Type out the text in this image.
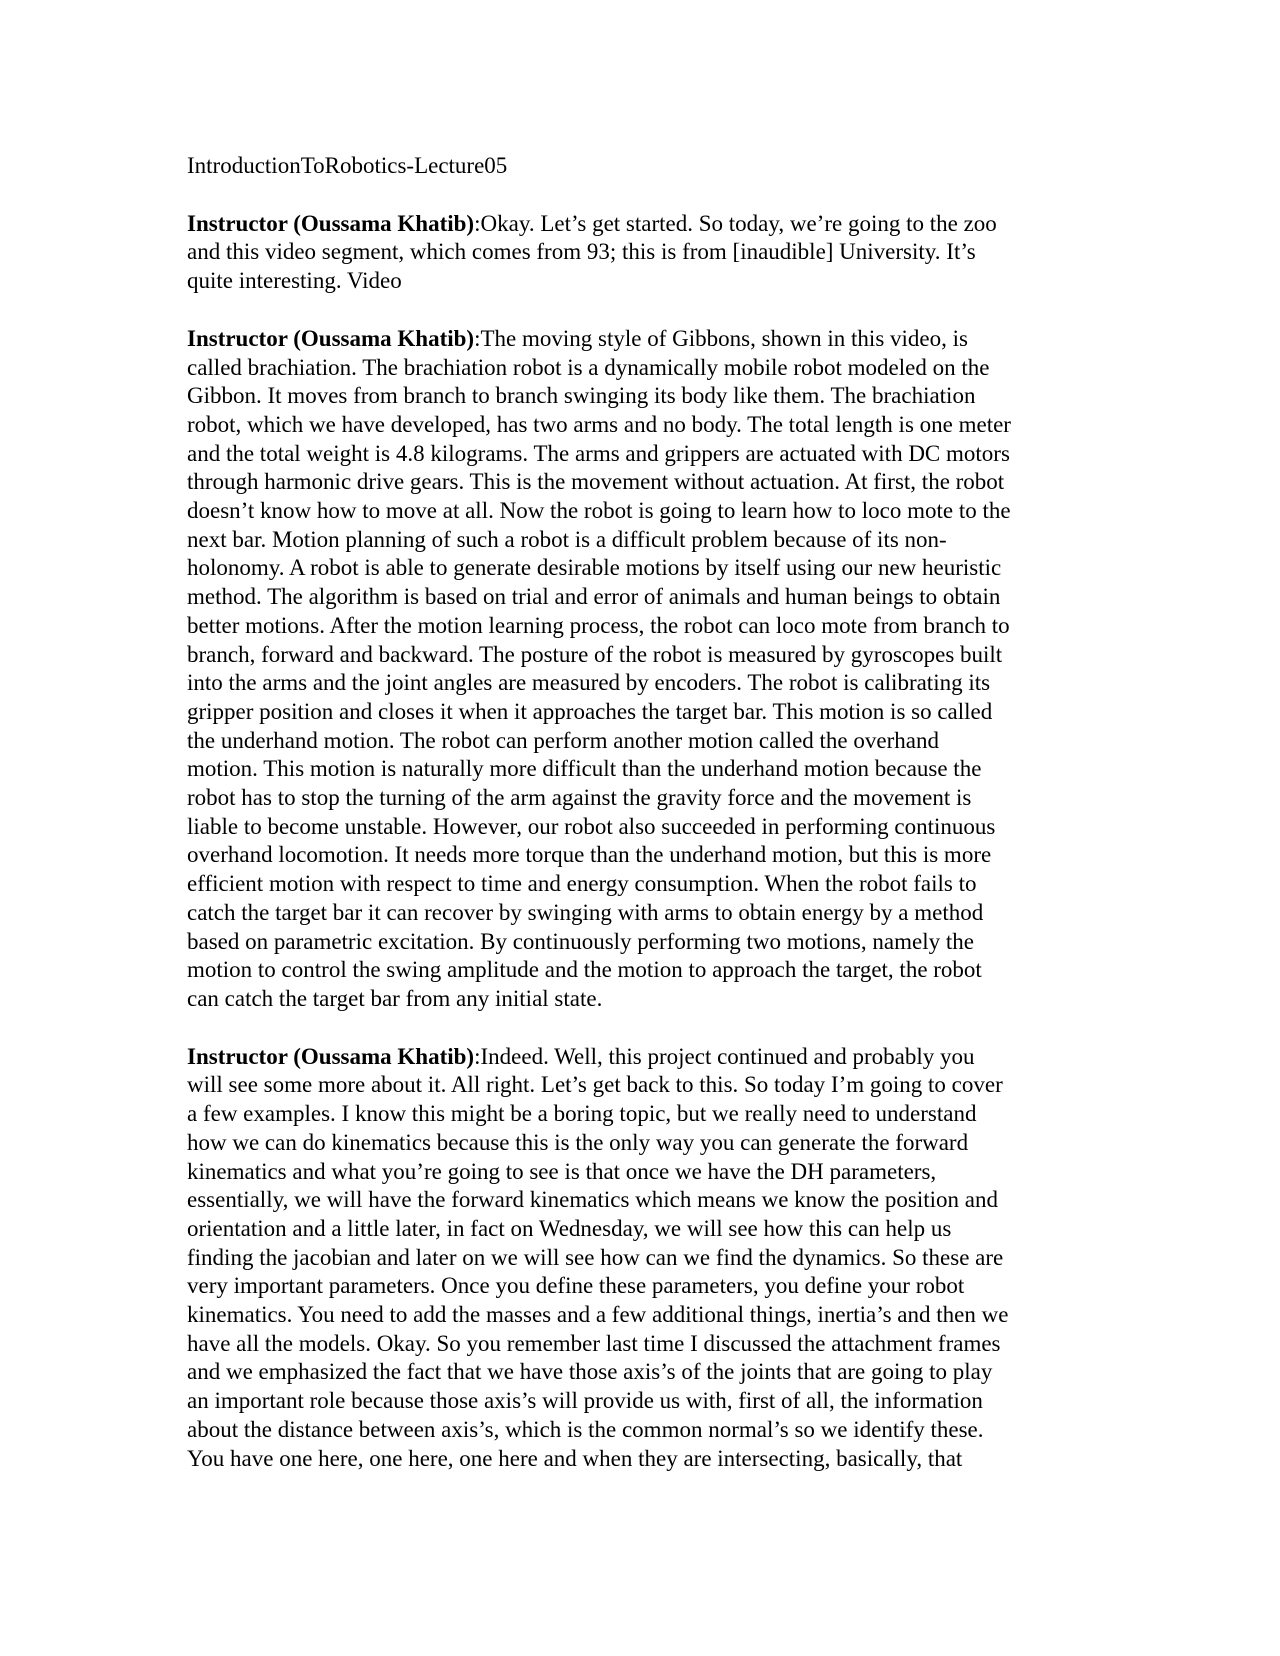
IntroductionToRobotics-Lecture05
Instructor (Oussama Khatib):Okay. Let’s get started. So today, we’re going to the zoo
and this video segment, which comes from 93; this is from [inaudible] University. It’s
quite interesting. Video
Instructor (Oussama Khatib):The moving style of Gibbons, shown in this video, is
called brachiation. The brachiation robot is a dynamically mobile robot modeled on the
Gibbon. It moves from branch to branch swinging its body like them. The brachiation
robot, which we have developed, has two arms and no body. The total length is one meter
and the total weight is 4.8 kilograms. The arms and grippers are actuated with DC motors
through harmonic drive gears. This is the movement without actuation. At first, the robot
doesn’t know how to move at all. Now the robot is going to learn how to loco mote to the
next bar. Motion planning of such a robot is a difficult problem because of its non-
holonomy. A robot is able to generate desirable motions by itself using our new heuristic
method. The algorithm is based on trial and error of animals and human beings to obtain
better motions. After the motion learning process, the robot can loco mote from branch to
branch, forward and backward. The posture of the robot is measured by gyroscopes built
into the arms and the joint angles are measured by encoders. The robot is calibrating its
gripper position and closes it when it approaches the target bar. This motion is so called
the underhand motion. The robot can perform another motion called the overhand
motion. This motion is naturally more difficult than the underhand motion because the
robot has to stop the turning of the arm against the gravity force and the movement is
liable to become unstable. However, our robot also succeeded in performing continuous
overhand locomotion. It needs more torque than the underhand motion, but this is more
efficient motion with respect to time and energy consumption. When the robot fails to
catch the target bar it can recover by swinging with arms to obtain energy by a method
based on parametric excitation. By continuously performing two motions, namely the
motion to control the swing amplitude and the motion to approach the target, the robot
can catch the target bar from any initial state.
Instructor (Oussama Khatib):Indeed. Well, this project continued and probably you
will see some more about it. All right. Let’s get back to this. So today I’m going to cover
a few examples. I know this might be a boring topic, but we really need to understand
how we can do kinematics because this is the only way you can generate the forward
kinematics and what you’re going to see is that once we have the DH parameters,
essentially, we will have the forward kinematics which means we know the position and
orientation and a little later, in fact on Wednesday, we will see how this can help us
finding the jacobian and later on we will see how can we find the dynamics. So these are
very important parameters. Once you define these parameters, you define your robot
kinematics. You need to add the masses and a few additional things, inertia’s and then we
have all the models. Okay. So you remember last time I discussed the attachment frames
and we emphasized the fact that we have those axis’s of the joints that are going to play
an important role because those axis’s will provide us with, first of all, the information
about the distance between axis’s, which is the common normal’s so we identify these.
You have one here, one here, one here and when they are intersecting, basically, that
